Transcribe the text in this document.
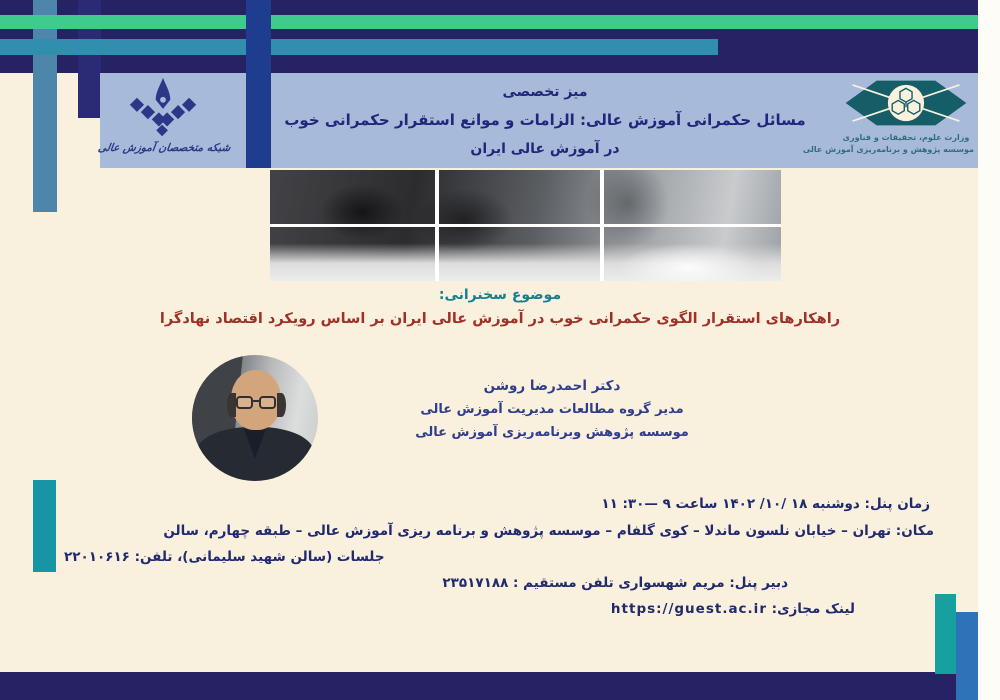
شبکه متخصصان آموزش عالی
وزارت علوم، تحقیقات و فناوری
موسسه پژوهش و برنامه‌ریزی آموزش عالی
میز تخصصی
مسائل حکمرانی آموزش عالی: الزامات و موانع استقرار حکمرانی خوب
در آموزش عالی ایران
موضوع سخنرانی:
راهکارهای استقرار الگوی حکمرانی خوب در آموزش عالی ایران بر اساس رویکرد اقتصاد نهادگرا
دکتر احمدرضا روشن
مدیر گروه مطالعات مدیریت آموزش عالی
موسسه پژوهش وبرنامه‌ریزی آموزش عالی
زمان پنل: دوشنبه ۱۸ /۱۰/ ۱۴۰۲ ساعت ۹ —۳۰: ۱۱
مکان: تهران – خیابان نلسون ماندلا – کوی گلفام – موسسه پژوهش و برنامه ریزی آموزش عالی – طبقه چهارم، سالن
جلسات (سالن شهید سلیمانی)، تلفن: ۲۲۰۱۰۶۱۶
دبیر پنل: مریم شهسواری تلفن مستقیم : ۲۳۵۱۷۱۸۸
لینک مجازی: https://guest.ac.ir
